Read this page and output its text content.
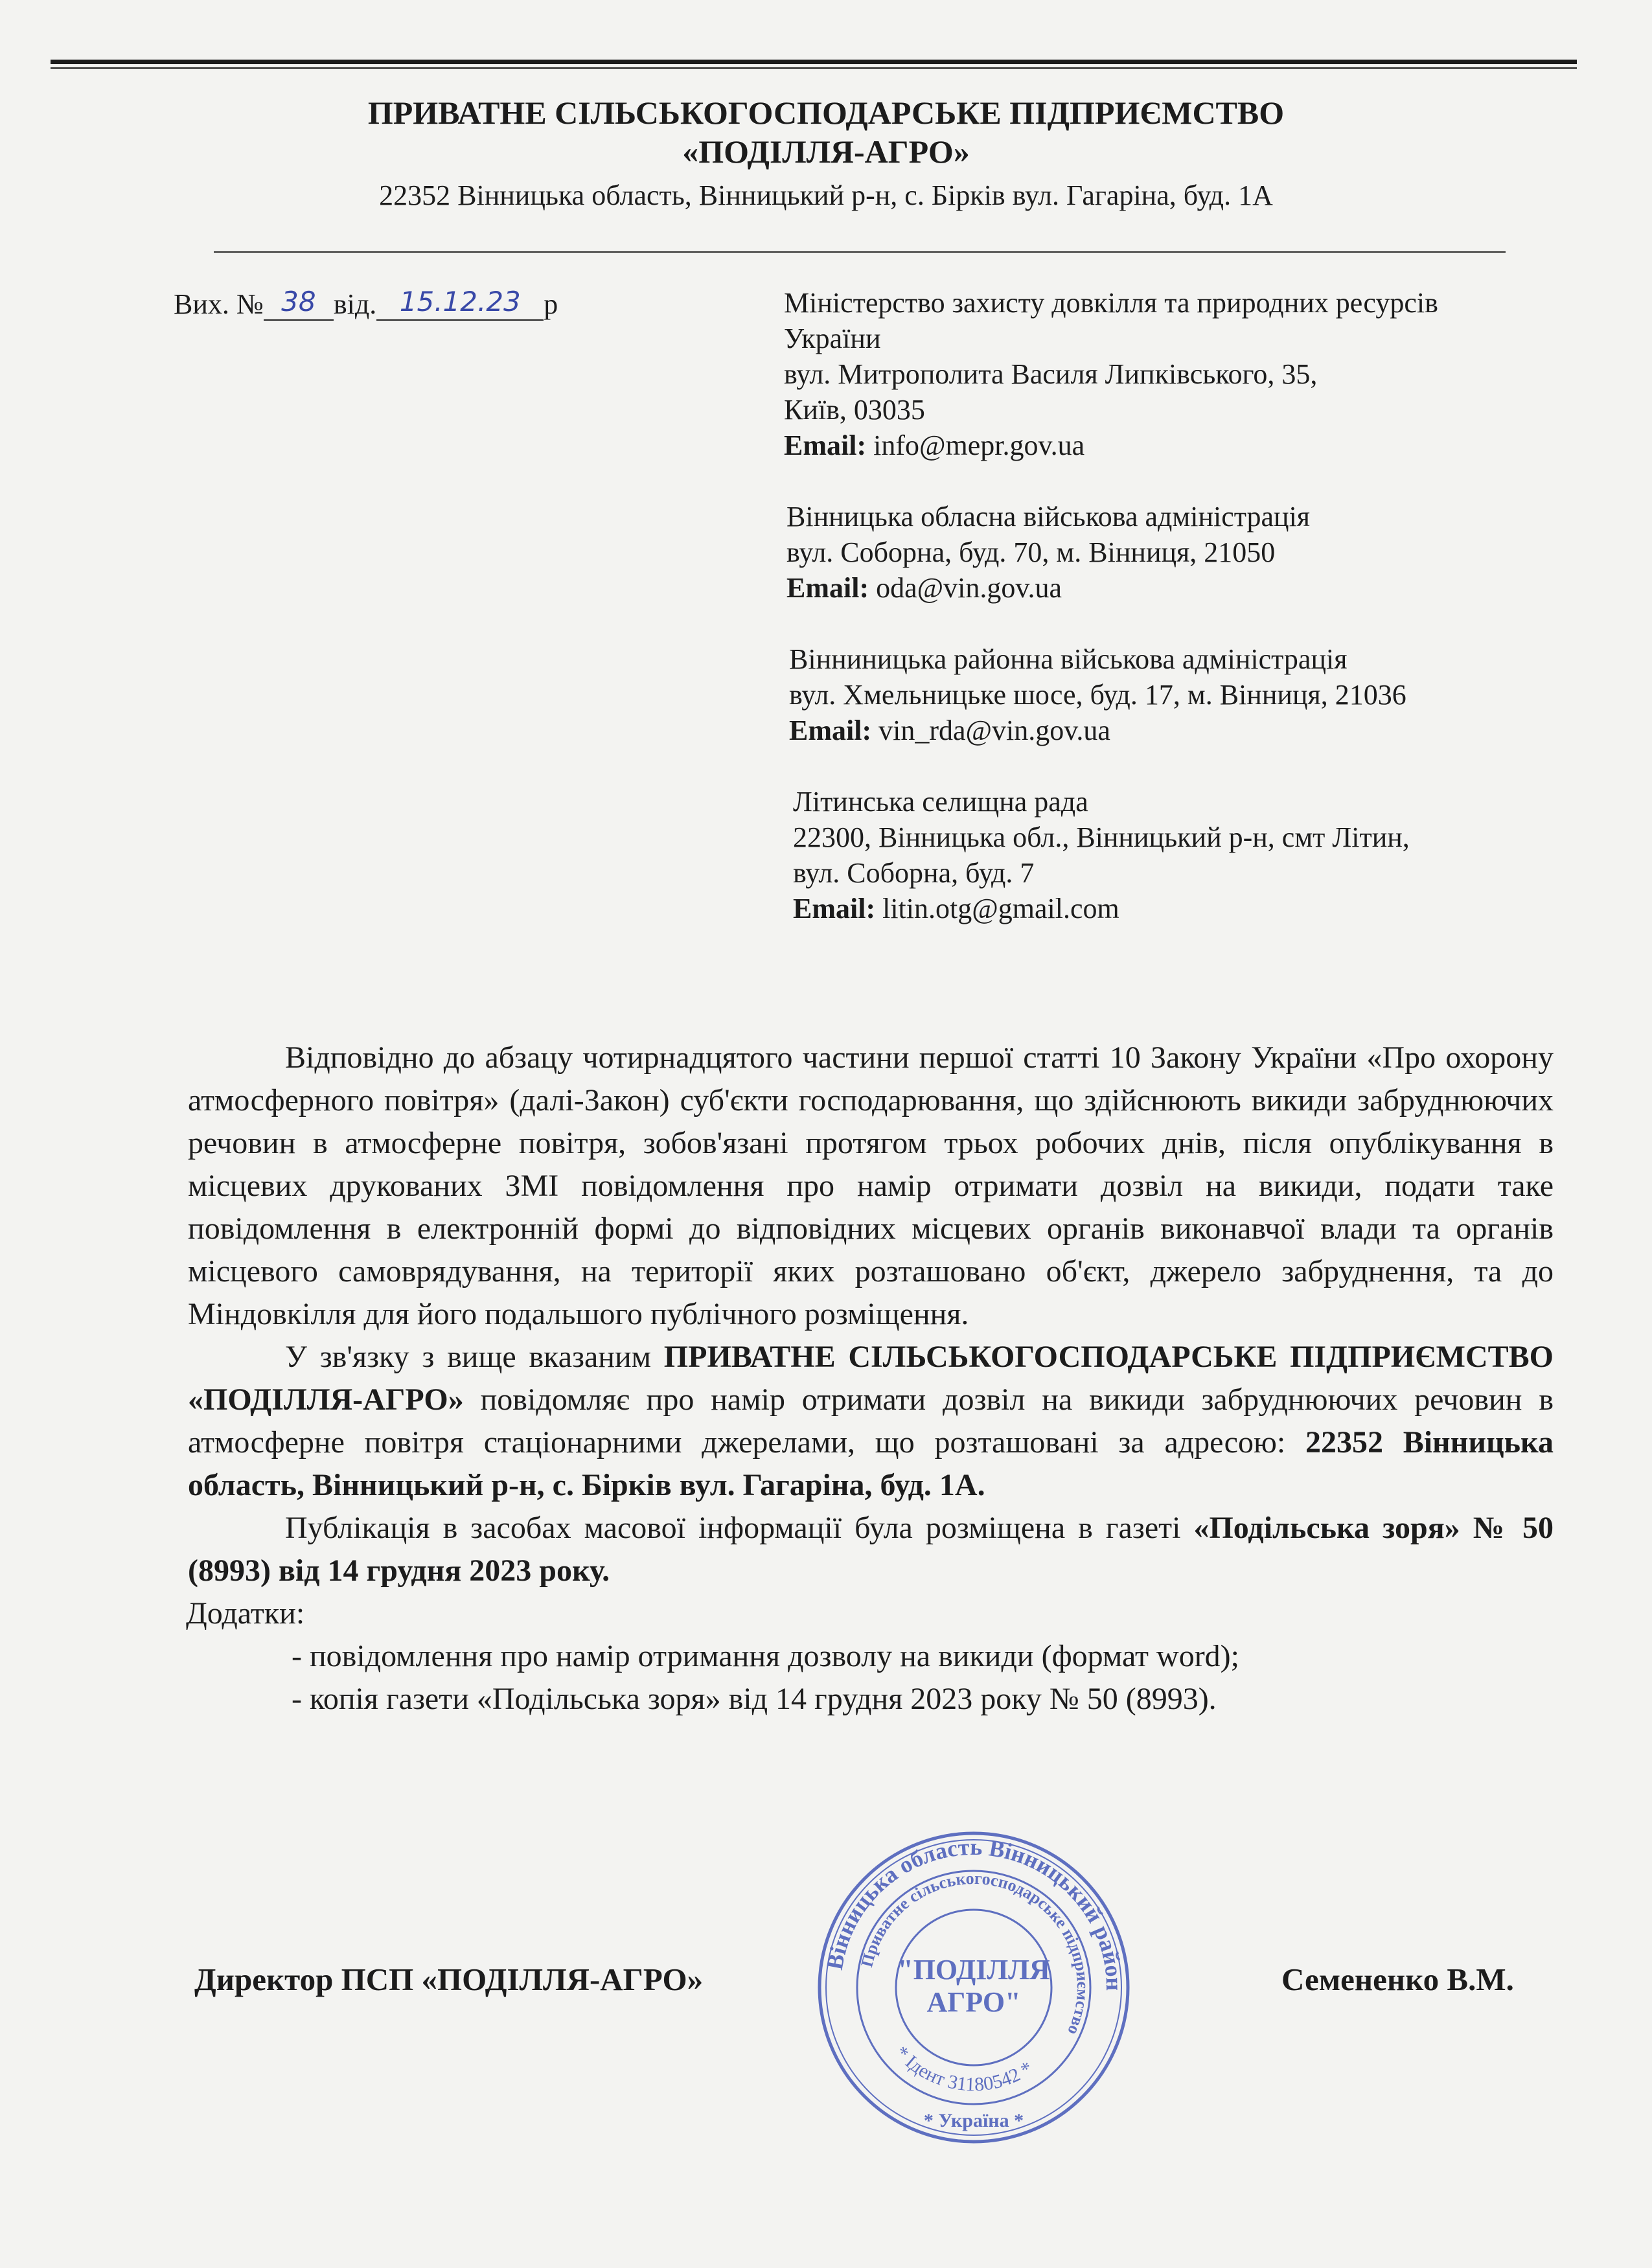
ПРИВАТНЕ СІЛЬСЬКОГОСПОДАРСЬКЕ ПІДПРИЄМСТВО
«ПОДІЛЛЯ-АГРО»
22352 Вінницька область, Вінницький р-н, с. Бірків вул. Гагаріна, буд. 1А
Вих. № 38 від. 15.12.23 р	Міністерство захисту довкілля та природних ресурсів
України
вул. Митрополита Василя Липківського, 35,
Київ, 03035
Email: info@mepr.gov.ua
Вінницька обласна військова адміністрація
вул. Соборна, буд. 70, м. Вінниця, 21050
Email: oda@vin.gov.ua
Вінниницька районна військова адміністрація
вул. Хмельницьке шосе, буд. 17, м. Вінниця, 21036
Email: vin_rda@vin.gov.ua
Літинська селищна рада
22300, Вінницька обл., Вінницький р-н, смт Літин,
вул. Соборна, буд. 7
Email: litin.otg@gmail.com

Відповідно до абзацу чотирнадцятого частини першої статті 10 Закону України «Про охорону атмосферного повітря» (далі-Закон) суб'єкти господарювання, що здійснюють викиди забруднюючих речовин в атмосферне повітря, зобов'язані протягом трьох робочих днів, після опублікування в місцевих друкованих ЗМІ повідомлення про намір отримати дозвіл на викиди, подати таке повідомлення в електронній формі до відповідних місцевих органів виконавчої влади та органів місцевого самоврядування, на території яких розташовано об'єкт, джерело забруднення, та до Міндовкілля для його подальшого публічного розміщення.

У зв'язку з вище вказаним ПРИВАТНЕ СІЛЬСЬКОГОСПОДАРСЬКЕ ПІДПРИЄМСТВО «ПОДІЛЛЯ-АГРО» повідомляє про намір отримати дозвіл на викиди забруднюючих речовин в атмосферне повітря стаціонарними джерелами, що розташовані за адресою: 22352 Вінницька область, Вінницький р-н, с. Бірків вул. Гагаріна, буд. 1А.

Публікація в засобах масової інформації була розміщена в газеті «Подільська зоря» № 50 (8993) від 14 грудня 2023 року.

Додатки:

- повідомлення про намір отримання дозволу на викиди (формат word);
- копія газети «Подільська зоря» від 14 грудня 2023 року № 50 (8993).
Директор ПСП «ПОДІЛЛЯ-АГРО»	Семененко В.М.
Вінницька область Вінницький район
Приватне сільськогосподарське підприємство
"ПОДІЛЛЯ
АГРО"
* Ідент 31180542 *
* Україна *
